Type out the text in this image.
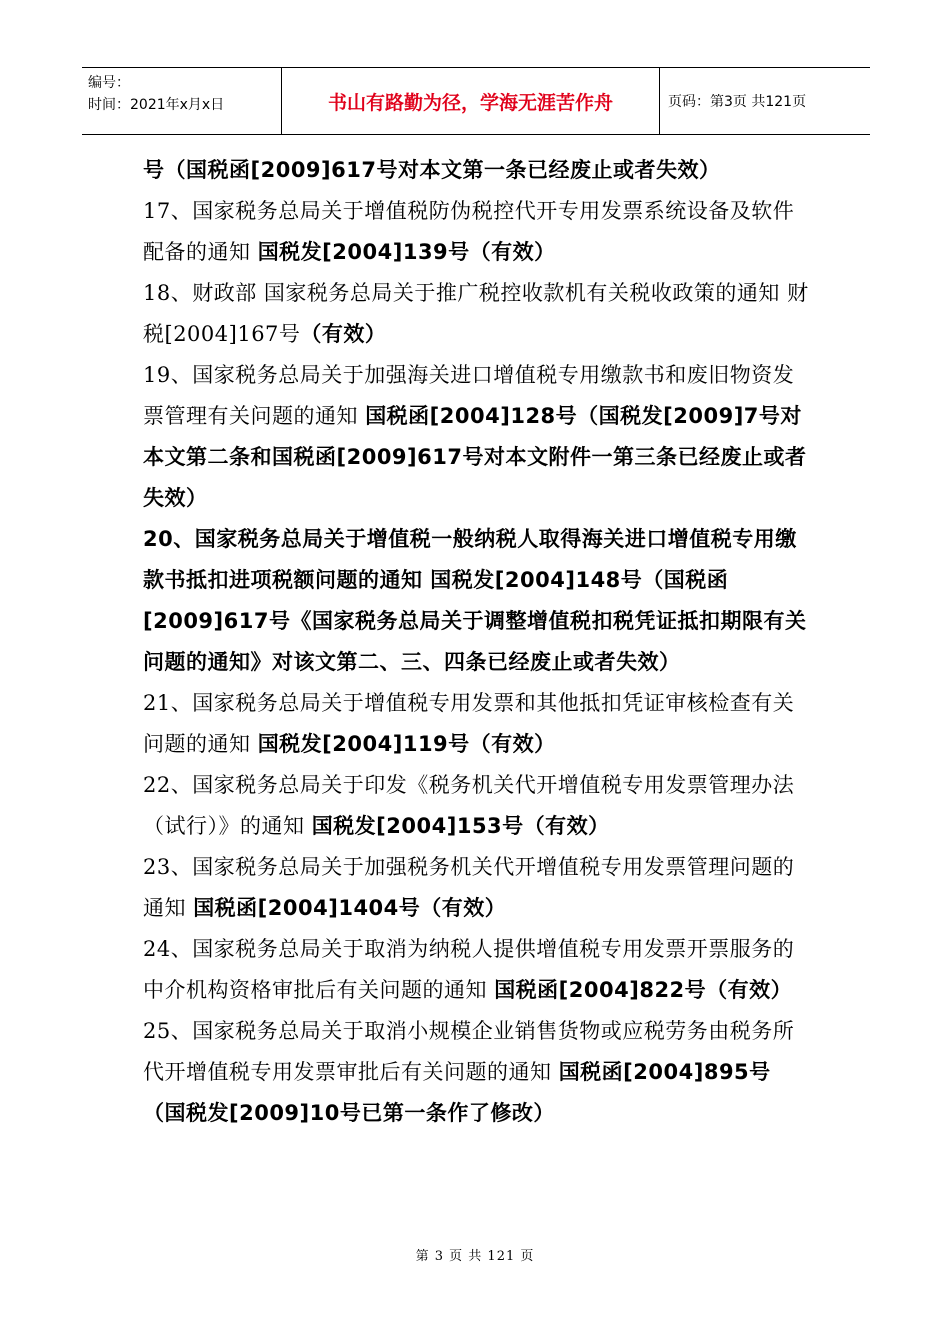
编号：
时间：2021年x月x日	书山有路勤为径，学海无涯苦作舟	页码：第3页 共121页

号（国税函[2009]617号对本文第一条已经废止或者失效）

17、国家税务总局关于增值税防伪税控代开专用发票系统设备及软件配备的通知 国税发[2004]139号（有效）

18、财政部 国家税务总局关于推广税控收款机有关税收政策的通知 财税[2004]167号（有效）

19、国家税务总局关于加强海关进口增值税专用缴款书和废旧物资发票管理有关问题的通知 国税函[2004]128号（国税发[2009]7号对本文第二条和国税函[2009]617号对本文附件一第三条已经废止或者失效）

20、国家税务总局关于增值税一般纳税人取得海关进口增值税专用缴款书抵扣进项税额问题的通知 国税发[2004]148号（国税函[2009]617号《国家税务总局关于调整增值税扣税凭证抵扣期限有关问题的通知》对该文第二、三、四条已经废止或者失效）

21、国家税务总局关于增值税专用发票和其他抵扣凭证审核检查有关问题的通知 国税发[2004]119号（有效）

22、国家税务总局关于印发《税务机关代开增值税专用发票管理办法（试行）》的通知 国税发[2004]153号（有效）

23、国家税务总局关于加强税务机关代开增值税专用发票管理问题的通知 国税函[2004]1404号（有效）

24、国家税务总局关于取消为纳税人提供增值税专用发票开票服务的中介机构资格审批后有关问题的通知 国税函[2004]822号（有效）

25、国家税务总局关于取消小规模企业销售货物或应税劳务由税务所代开增值税专用发票审批后有关问题的通知 国税函[2004]895号（国税发[2009]10号已第一条作了修改）

第 3 页 共 121 页
